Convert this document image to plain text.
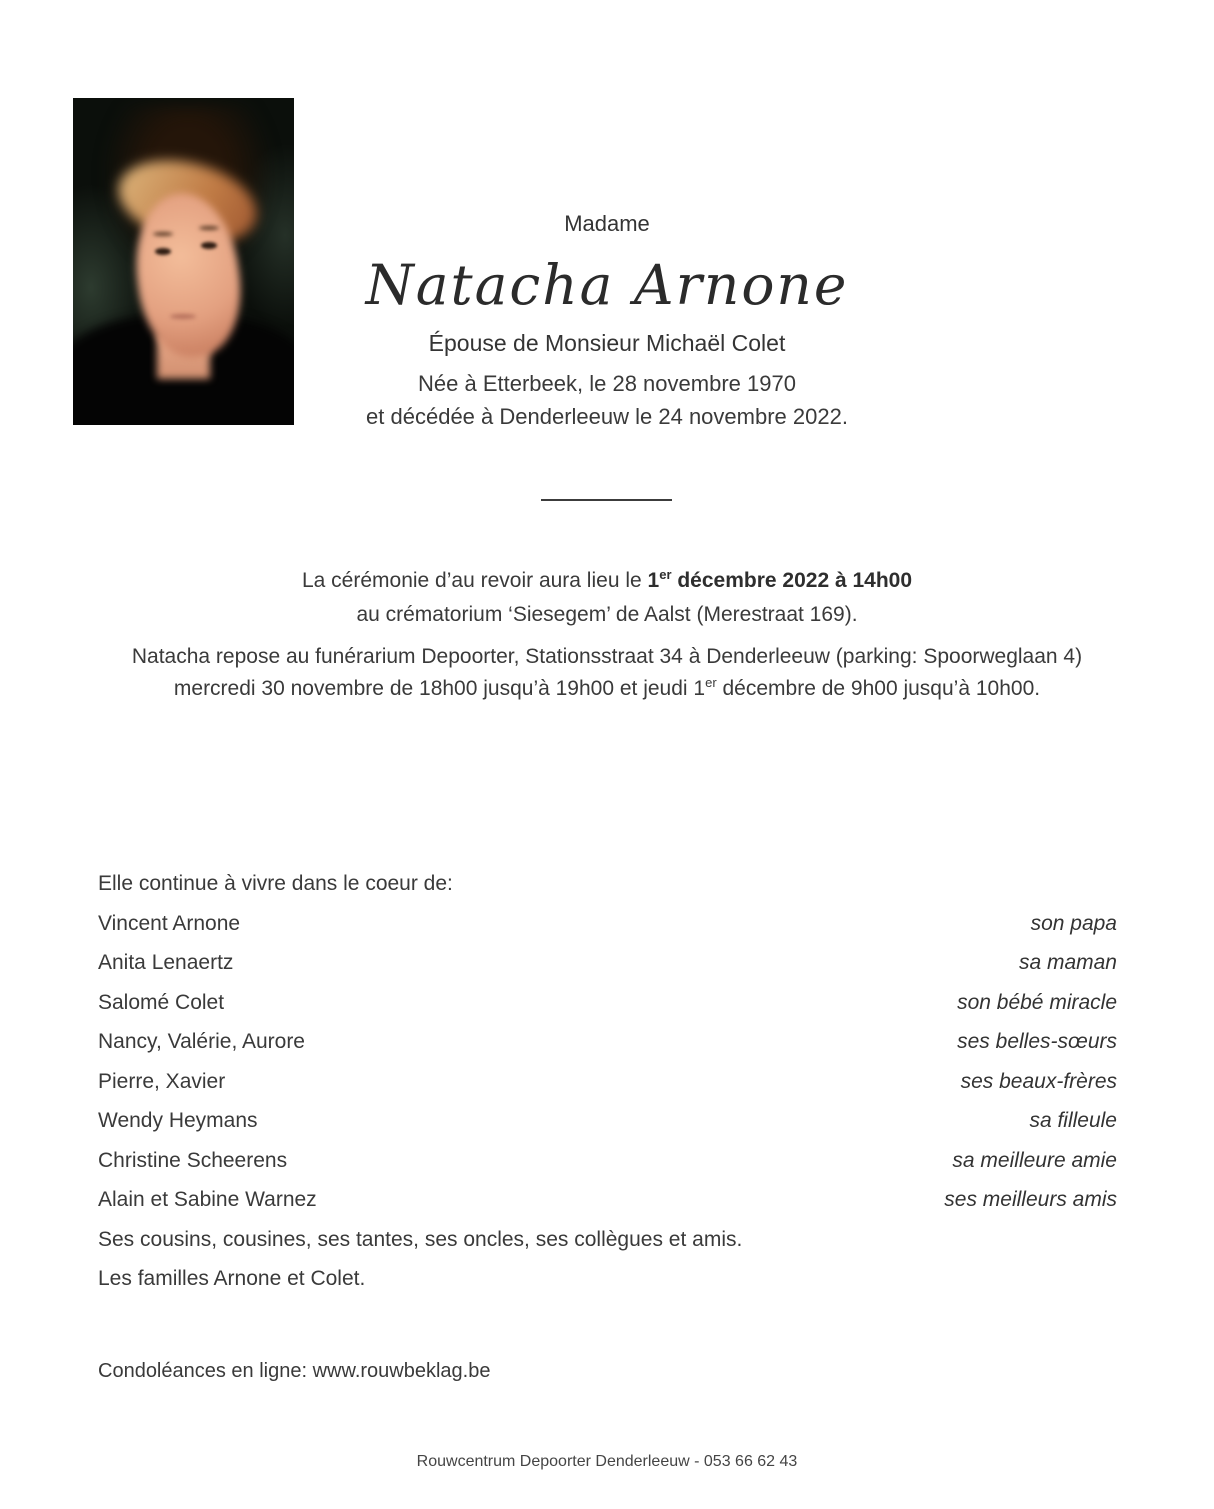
Madame
Natacha Arnone
Épouse de Monsieur Michaël Colet
Née à Etterbeek, le 28 novembre 1970
et décédée à Denderleeuw le 24 novembre 2022.
La cérémonie d’au revoir aura lieu le 1er décembre 2022 à 14h00
au crématorium ‘Siesegem’ de Aalst (Merestraat 169).
Natacha repose au funérarium Depoorter, Stationsstraat 34 à Denderleeuw (parking: Spoorweglaan 4)
mercredi 30 novembre de 18h00 jusqu’à 19h00 et jeudi 1er décembre de 9h00 jusqu’à 10h00.
Elle continue à vivre dans le coeur de:
Vincent Arnone	son papa
Anita Lenaertz	sa maman
Salomé Colet	son bébé miracle
Nancy, Valérie, Aurore	ses belles-sœurs
Pierre, Xavier	ses beaux-frères
Wendy Heymans	sa filleule
Christine Scheerens	sa meilleure amie
Alain et Sabine Warnez	ses meilleurs amis
Ses cousins, cousines, ses tantes, ses oncles, ses collègues et amis.
Les familles Arnone et Colet.
Condoléances en ligne: www.rouwbeklag.be
Rouwcentrum Depoorter Denderleeuw - 053 66 62 43
